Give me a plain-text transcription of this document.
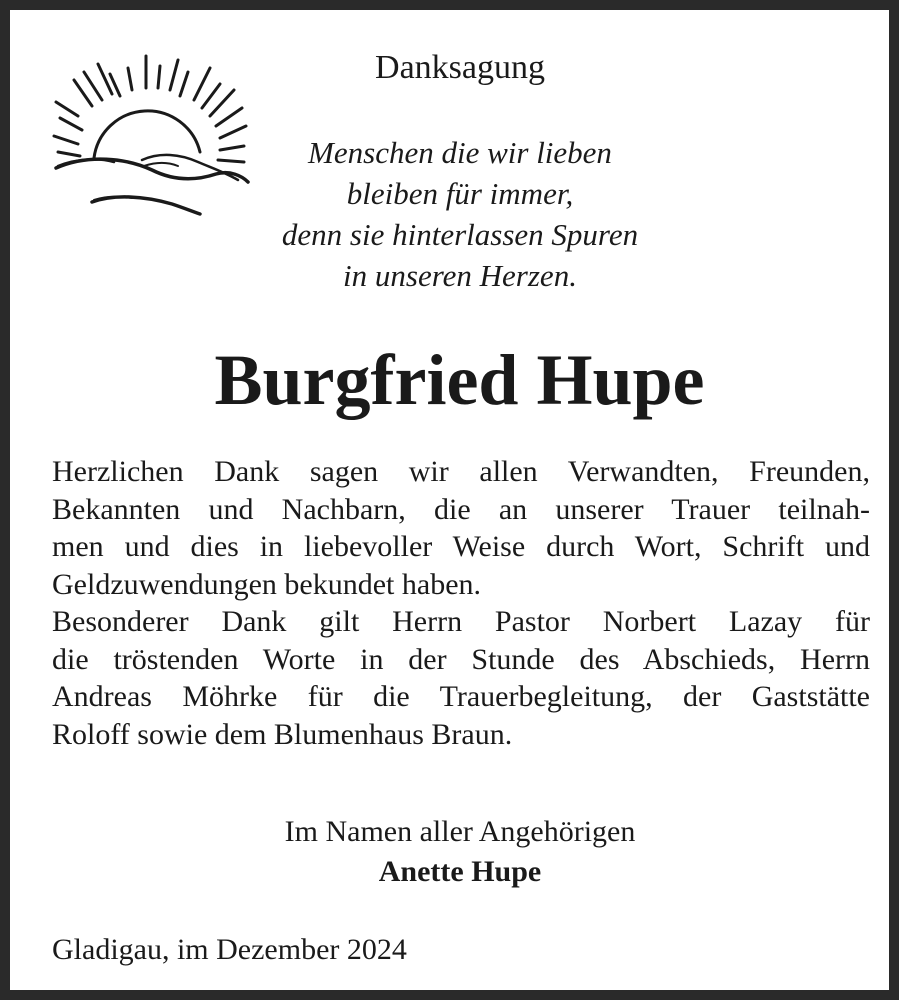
Danksagung

Menschen die wir lieben
bleiben für immer,
denn sie hinterlassen Spuren
in unseren Herzen.

Burgfried Hupe

Herzlichen Dank sagen wir allen Verwandten, Freunden,
Bekannten und Nachbarn, die an unserer Trauer teilnah-
men und dies in liebevoller Weise durch Wort, Schrift und
Geldzuwendungen bekundet haben.
Besonderer Dank gilt Herrn Pastor Norbert Lazay für
die tröstenden Worte in der Stunde des Abschieds, Herrn
Andreas Möhrke für die Trauerbegleitung, der Gaststätte
Roloff sowie dem Blumenhaus Braun.

Im Namen aller Angehörigen
Anette Hupe

Gladigau, im Dezember 2024
